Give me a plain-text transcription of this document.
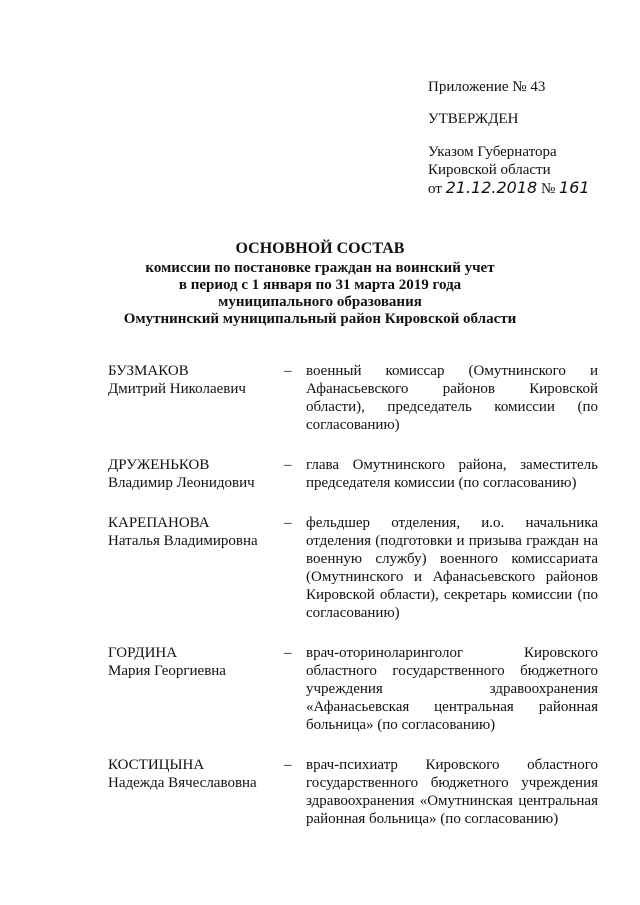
Приложение № 43
УТВЕРЖДЕН
Указом Губернатора
Кировской области
от 21.12.2018 № 161
ОСНОВНОЙ СОСТАВ
комиссии по постановке граждан на воинский учет
в период с 1 января по 31 марта 2019 года
муниципального образования
Омутнинский муниципальный район Кировской области
БУЗМАКОВ
Дмитрий Николаевич
– военный комиссар (Омутнинского и Афанасьевского районов Кировской области), председатель комиссии (по согласованию)
ДРУЖЕНЬКОВ
Владимир Леонидович
– глава Омутнинского района, заместитель председателя комиссии (по согласованию)
КАРЕПАНОВА
Наталья Владимировна
– фельдшер отделения, и.о. начальника отделения (подготовки и призыва граждан на военную службу) военного комиссариата (Омутнинского и Афанасьевского районов Кировской области), секретарь комиссии (по согласованию)
ГОРДИНА
Мария Георгиевна
– врач-оториноларинголог Кировского областного государственного бюджетного учреждения здравоохранения «Афанасьевская центральная районная больница» (по согласованию)
КОСТИЦЫНА
Надежда Вячеславовна
– врач-психиатр Кировского областного государственного бюджетного учреждения здравоохранения «Омутнинская центральная районная больница» (по согласованию)
